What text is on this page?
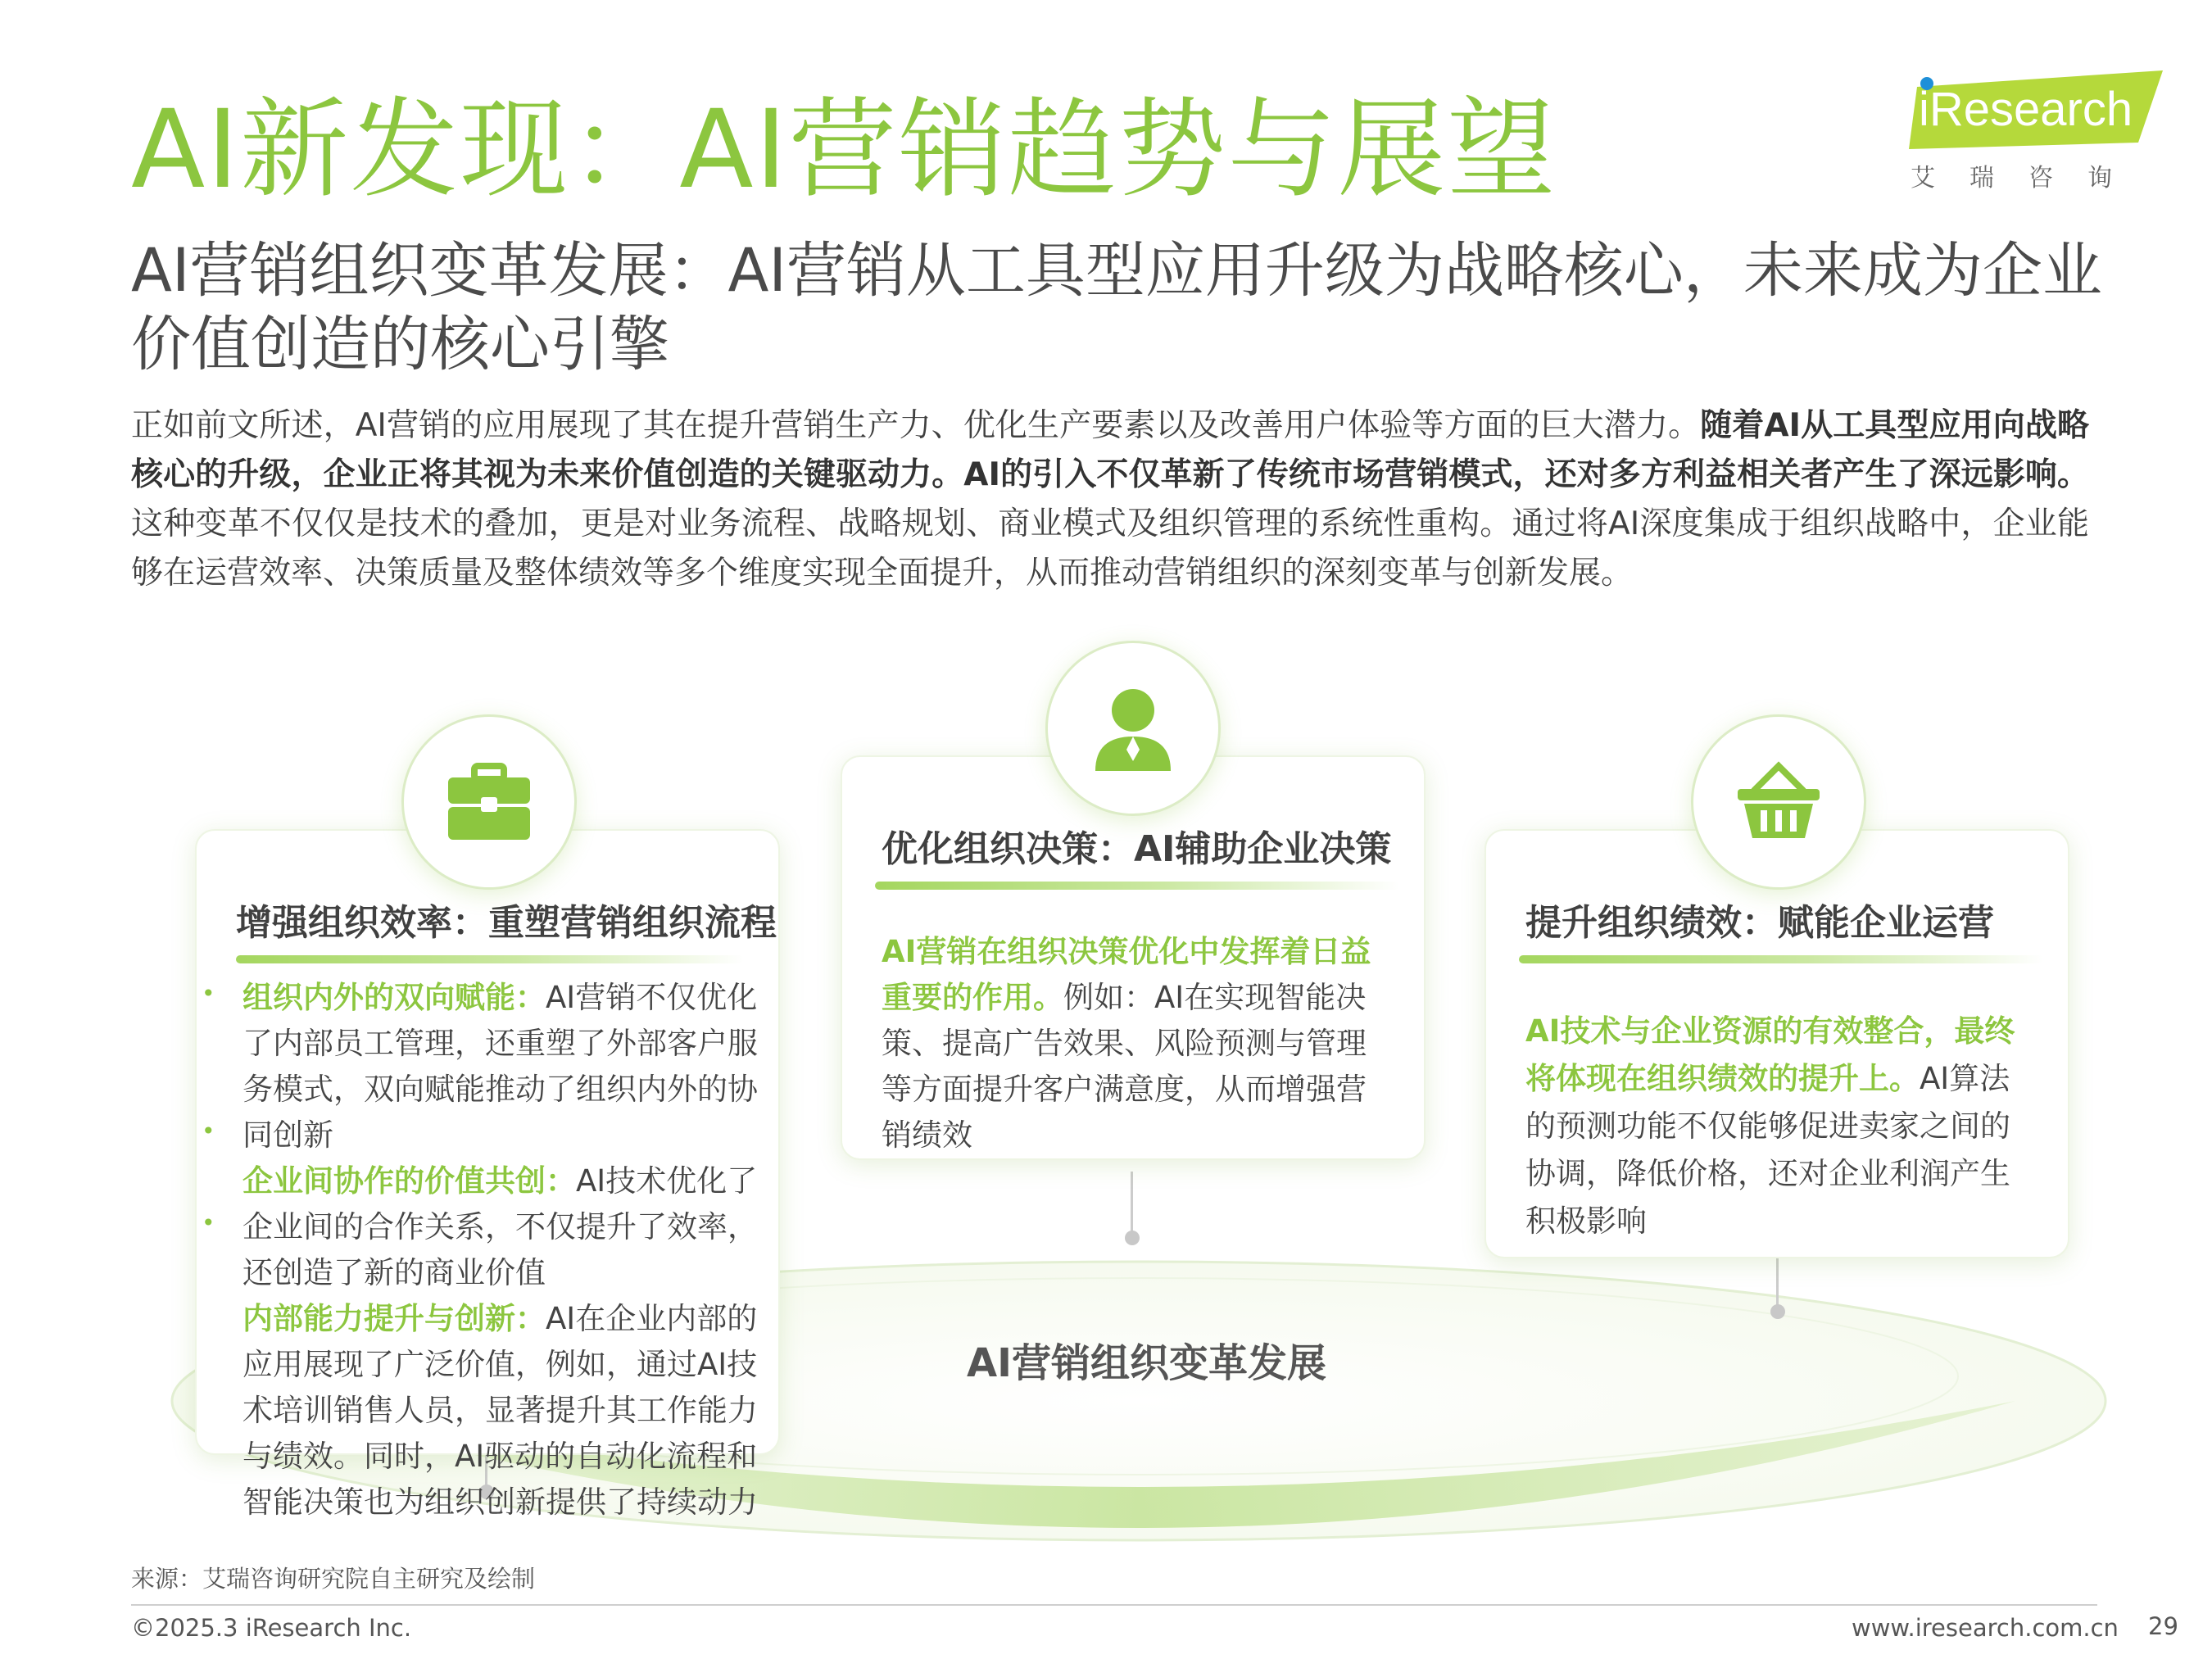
AI新发现：AI营销趋势与展望	iResearch
艾瑞咨询
AI营销组织变革发展：AI营销从工具型应用升级为战略核心，未来成为企业价值创造的核心引擎
正如前文所述，AI营销的应用展现了其在提升营销生产力、优化生产要素以及改善用户体验等方面的巨大潜力。随着AI从工具型应用向战略核心的升级，企业正将其视为未来价值创造的关键驱动力。AI的引入不仅革新了传统市场营销模式，还对多方利益相关者产生了深远影响。这种变革不仅仅是技术的叠加，更是对业务流程、战略规划、商业模式及组织管理的系统性重构。通过将AI深度集成于组织战略中，企业能够在运营效率、决策质量及整体绩效等多个维度实现全面提升，从而推动营销组织的深刻变革与创新发展。
AI营销组织变革发展
增强组织效率：重塑营销组织流程
组织内外的双向赋能：AI营销不仅优化了内部员工管理，还重塑了外部客户服务模式，双向赋能推动了组织内外的协同创新
企业间协作的价值共创：AI技术优化了企业间的合作关系，不仅提升了效率，还创造了新的商业价值
内部能力提升与创新：AI在企业内部的应用展现了广泛价值，例如，通过AI技术培训销售人员，显著提升其工作能力与绩效。同时，AI驱动的自动化流程和智能决策也为组织创新提供了持续动力
•
•
•
优化组织决策：AI辅助企业决策
AI营销在组织决策优化中发挥着日益重要的作用。例如：AI在实现智能决策、提高广告效果、风险预测与管理等方面提升客户满意度，从而增强营销绩效
提升组织绩效：赋能企业运营
AI技术与企业资源的有效整合，最终将体现在组织绩效的提升上。AI算法的预测功能不仅能够促进卖家之间的协调，降低价格，还对企业利润产生积极影响
来源：艾瑞咨询研究院自主研究及绘制
©2025.3 iResearch Inc.	www.iresearch.com.cn 29
